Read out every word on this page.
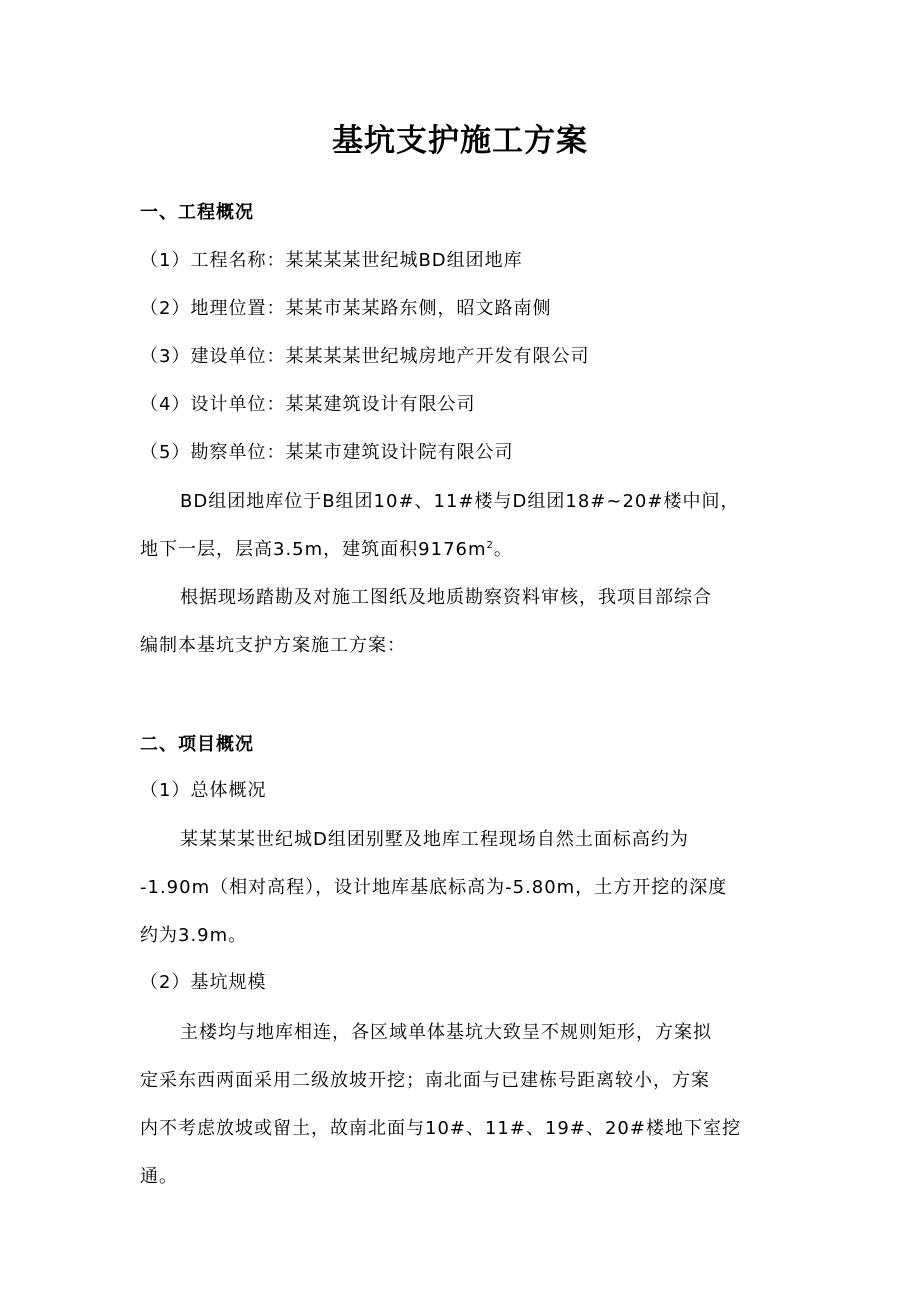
基坑支护施工方案
一、工程概况
（1）工程名称：某某某某世纪城BD组团地库
（2）地理位置：某某市某某路东侧，昭文路南侧
（3）建设单位：某某某某世纪城房地产开发有限公司
（4）设计单位：某某建筑设计有限公司
（5）勘察单位：某某市建筑设计院有限公司
BD组团地库位于B组团10#、11#楼与D组团18#~20#楼中间，
地下一层，层高3.5m，建筑面积$9176m^2$。
根据现场踏勘及对施工图纸及地质勘察资料审核，我项目部综合
编制本基坑支护方案施工方案：
二、项目概况
（1）总体概况
某某某某世纪城D组团别墅及地库工程现场自然土面标高约为
-1.90m（相对高程），设计地库基底标高为-5.80m，土方开挖的深度
约为3.9m。
（2）基坑规模
主楼均与地库相连，各区域单体基坑大致呈不规则矩形，方案拟
定采东西两面采用二级放坡开挖；南北面与已建栋号距离较小，方案
内不考虑放坡或留土，故南北面与10#、11#、19#、20#楼地下室挖
通。
